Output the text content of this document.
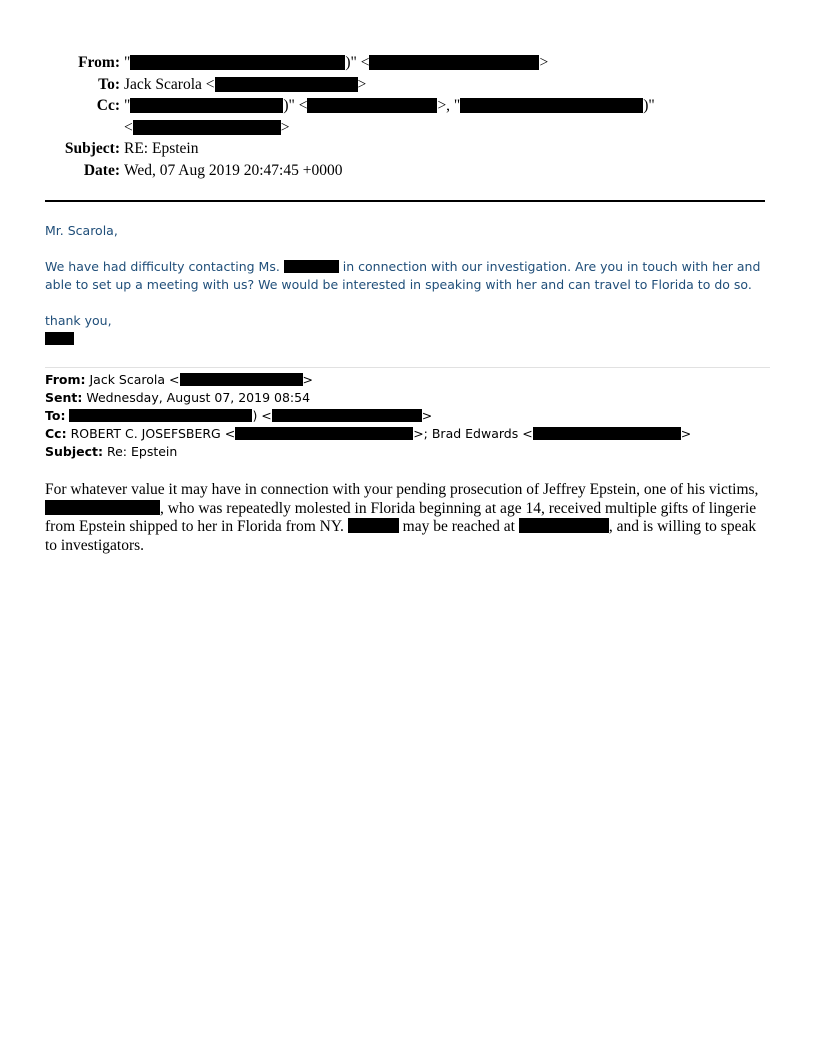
From: "	)" <	>
To: Jack Scarola <	>
Cc: "	)" <	>, "	)"
<	>
Subject: RE: Epstein
Date: Wed, 07 Aug 2019 20:47:45 +0000

Mr. Scarola,

We have had difficulty contacting Ms.	in connection with our investigation. Are you in touch with her and able to set up a meeting with us? We would be interested in speaking with her and can travel to Florida to do so.

thank you,

From: Jack Scarola <	>
Sent: Wednesday, August 07, 2019 08:54
To:	) <	>
Cc: ROBERT C. JOSEFSBERG <	>; Brad Edwards <	>
Subject: Re: Epstein
For whatever value it may have in connection with your pending prosecution of Jeffrey Epstein, one of his victims, , who was repeatedly molested in Florida beginning at age 14, received multiple gifts of lingerie from Epstein shipped to her in Florida from NY.	may be reached at	, and is willing to speak to investigators.
